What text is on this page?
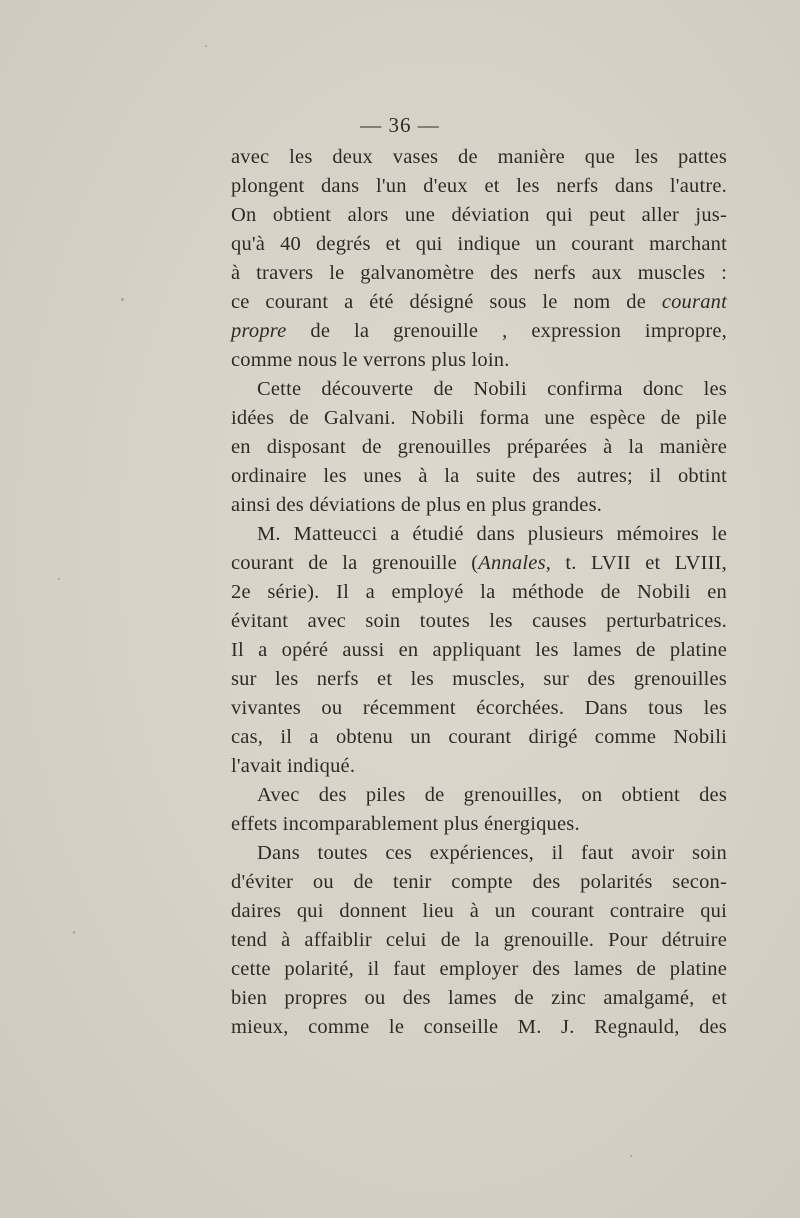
— 36 —
avec les deux vases de manière que les pattes
plongent dans l'un d'eux et les nerfs dans l'autre.
On obtient alors une déviation qui peut aller jus-
qu'à 40 degrés et qui indique un courant marchant
à travers le galvanomètre des nerfs aux muscles :
ce courant a été désigné sous le nom de courant
propre de la grenouille , expression impropre,
comme nous le verrons plus loin.
Cette découverte de Nobili confirma donc les
idées de Galvani. Nobili forma une espèce de pile
en disposant de grenouilles préparées à la manière
ordinaire les unes à la suite des autres; il obtint
ainsi des déviations de plus en plus grandes.
M. Matteucci a étudié dans plusieurs mémoires le
courant de la grenouille (Annales, t. LVII et LVIII,
2e série). Il a employé la méthode de Nobili en
évitant avec soin toutes les causes perturbatrices.
Il a opéré aussi en appliquant les lames de platine
sur les nerfs et les muscles, sur des grenouilles
vivantes ou récemment écorchées. Dans tous les
cas, il a obtenu un courant dirigé comme Nobili
l'avait indiqué.
Avec des piles de grenouilles, on obtient des
effets incomparablement plus énergiques.
Dans toutes ces expériences, il faut avoir soin
d'éviter ou de tenir compte des polarités secon-
daires qui donnent lieu à un courant contraire qui
tend à affaiblir celui de la grenouille. Pour détruire
cette polarité, il faut employer des lames de platine
bien propres ou des lames de zinc amalgamé, et
mieux, comme le conseille M. J. Regnauld, des
